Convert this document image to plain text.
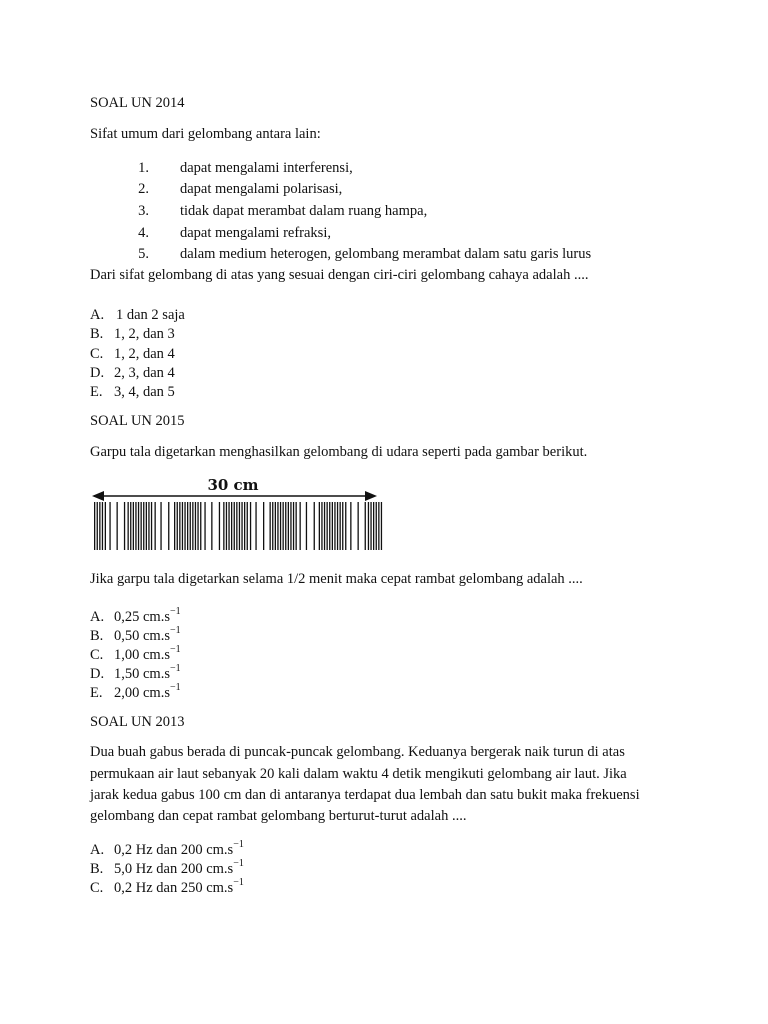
SOAL UN 2014
Sifat umum dari gelombang antara lain:
1. dapat mengalami interferensi,
2. dapat mengalami polarisasi,
3. tidak dapat merambat dalam ruang hampa,
4. dapat mengalami refraksi,
5. dalam medium heterogen, gelombang merambat dalam satu garis lurus
Dari sifat gelombang di atas yang sesuai dengan ciri-ciri gelombang cahaya adalah ....
A. 1 dan 2 saja
B. 1, 2, dan 3
C. 1, 2, dan 4
D. 2, 3, dan 4
E. 3, 4, dan 5
SOAL UN 2015
Garpu tala digetarkan menghasilkan gelombang di udara seperti pada gambar berikut.
30 cm
Jika garpu tala digetarkan selama 1/2 menit maka cepat rambat gelombang adalah ....
A. 0,25 $cm.s^{-1}$
B. 0,50 $cm.s^{-1}$
C. 1,00 $cm.s^{-1}$
D. 1,50 $cm.s^{-1}$
E. 2,00 $cm.s^{-1}$
SOAL UN 2013
Dua buah gabus berada di puncak-puncak gelombang. Keduanya bergerak naik turun di atas
permukaan air laut sebanyak 20 kali dalam waktu 4 detik mengikuti gelombang air laut. Jika
jarak kedua gabus 100 cm dan di antaranya terdapat dua lembah dan satu bukit maka frekuensi
gelombang dan cepat rambat gelombang berturut-turut adalah ....
A. 0,2 Hz dan 200 $cm.s^{-1}$
B. 5,0 Hz dan 200 $cm.s^{-1}$
C. 0,2 Hz dan 250 $cm.s^{-1}$
